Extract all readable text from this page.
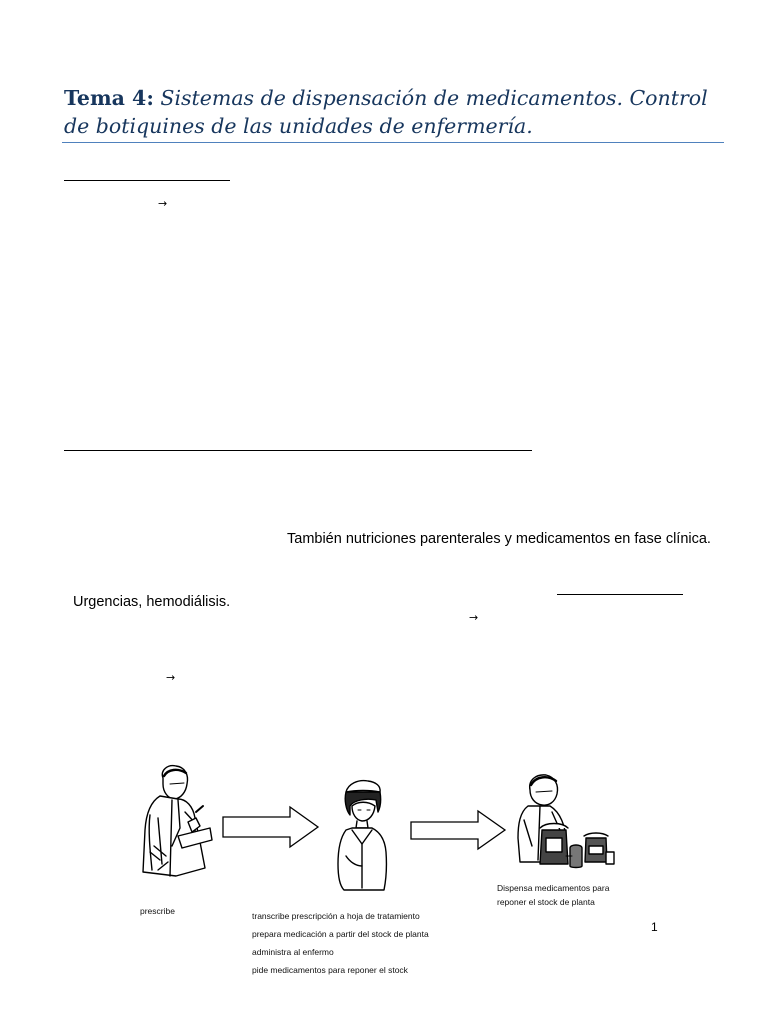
Tema 4: Sistemas de dispensación de medicamentos. Control de botiquines de las unidades de enfermería.
→
También nutriciones parenterales y medicamentos en fase clínica.
Urgencias, hemodiálisis.
→
→
prescribe	transcribe prescripción a hoja de tratamiento
prepara medicación a partir del stock de planta
administra al enfermo
pide medicamentos para reponer el stock
Dispensa medicamentos para
reponer el stock de planta
1
